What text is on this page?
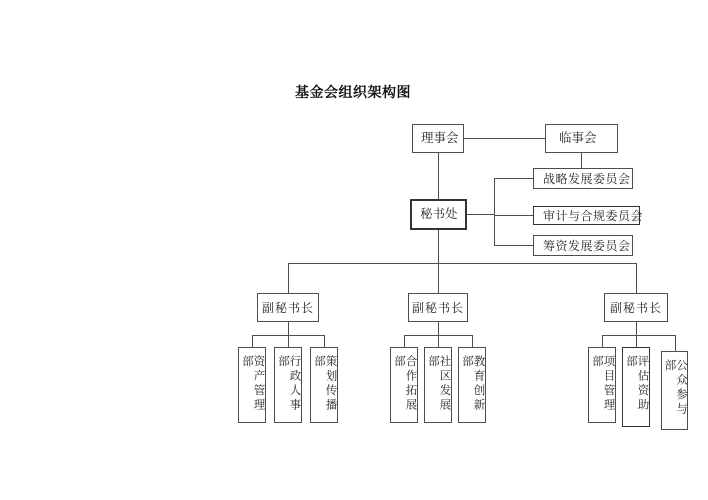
基金会组织架构图
理事会	临事会
秘书处
战略发展委员会
审计与合规委员会
筹资发展委员会
副秘书长	副秘书长	副秘书长
资产管理部	行政人事部	策划传播部	合作拓展部	社区发展部	教育创新部	项目管理部	评估资助部	公众参与部
